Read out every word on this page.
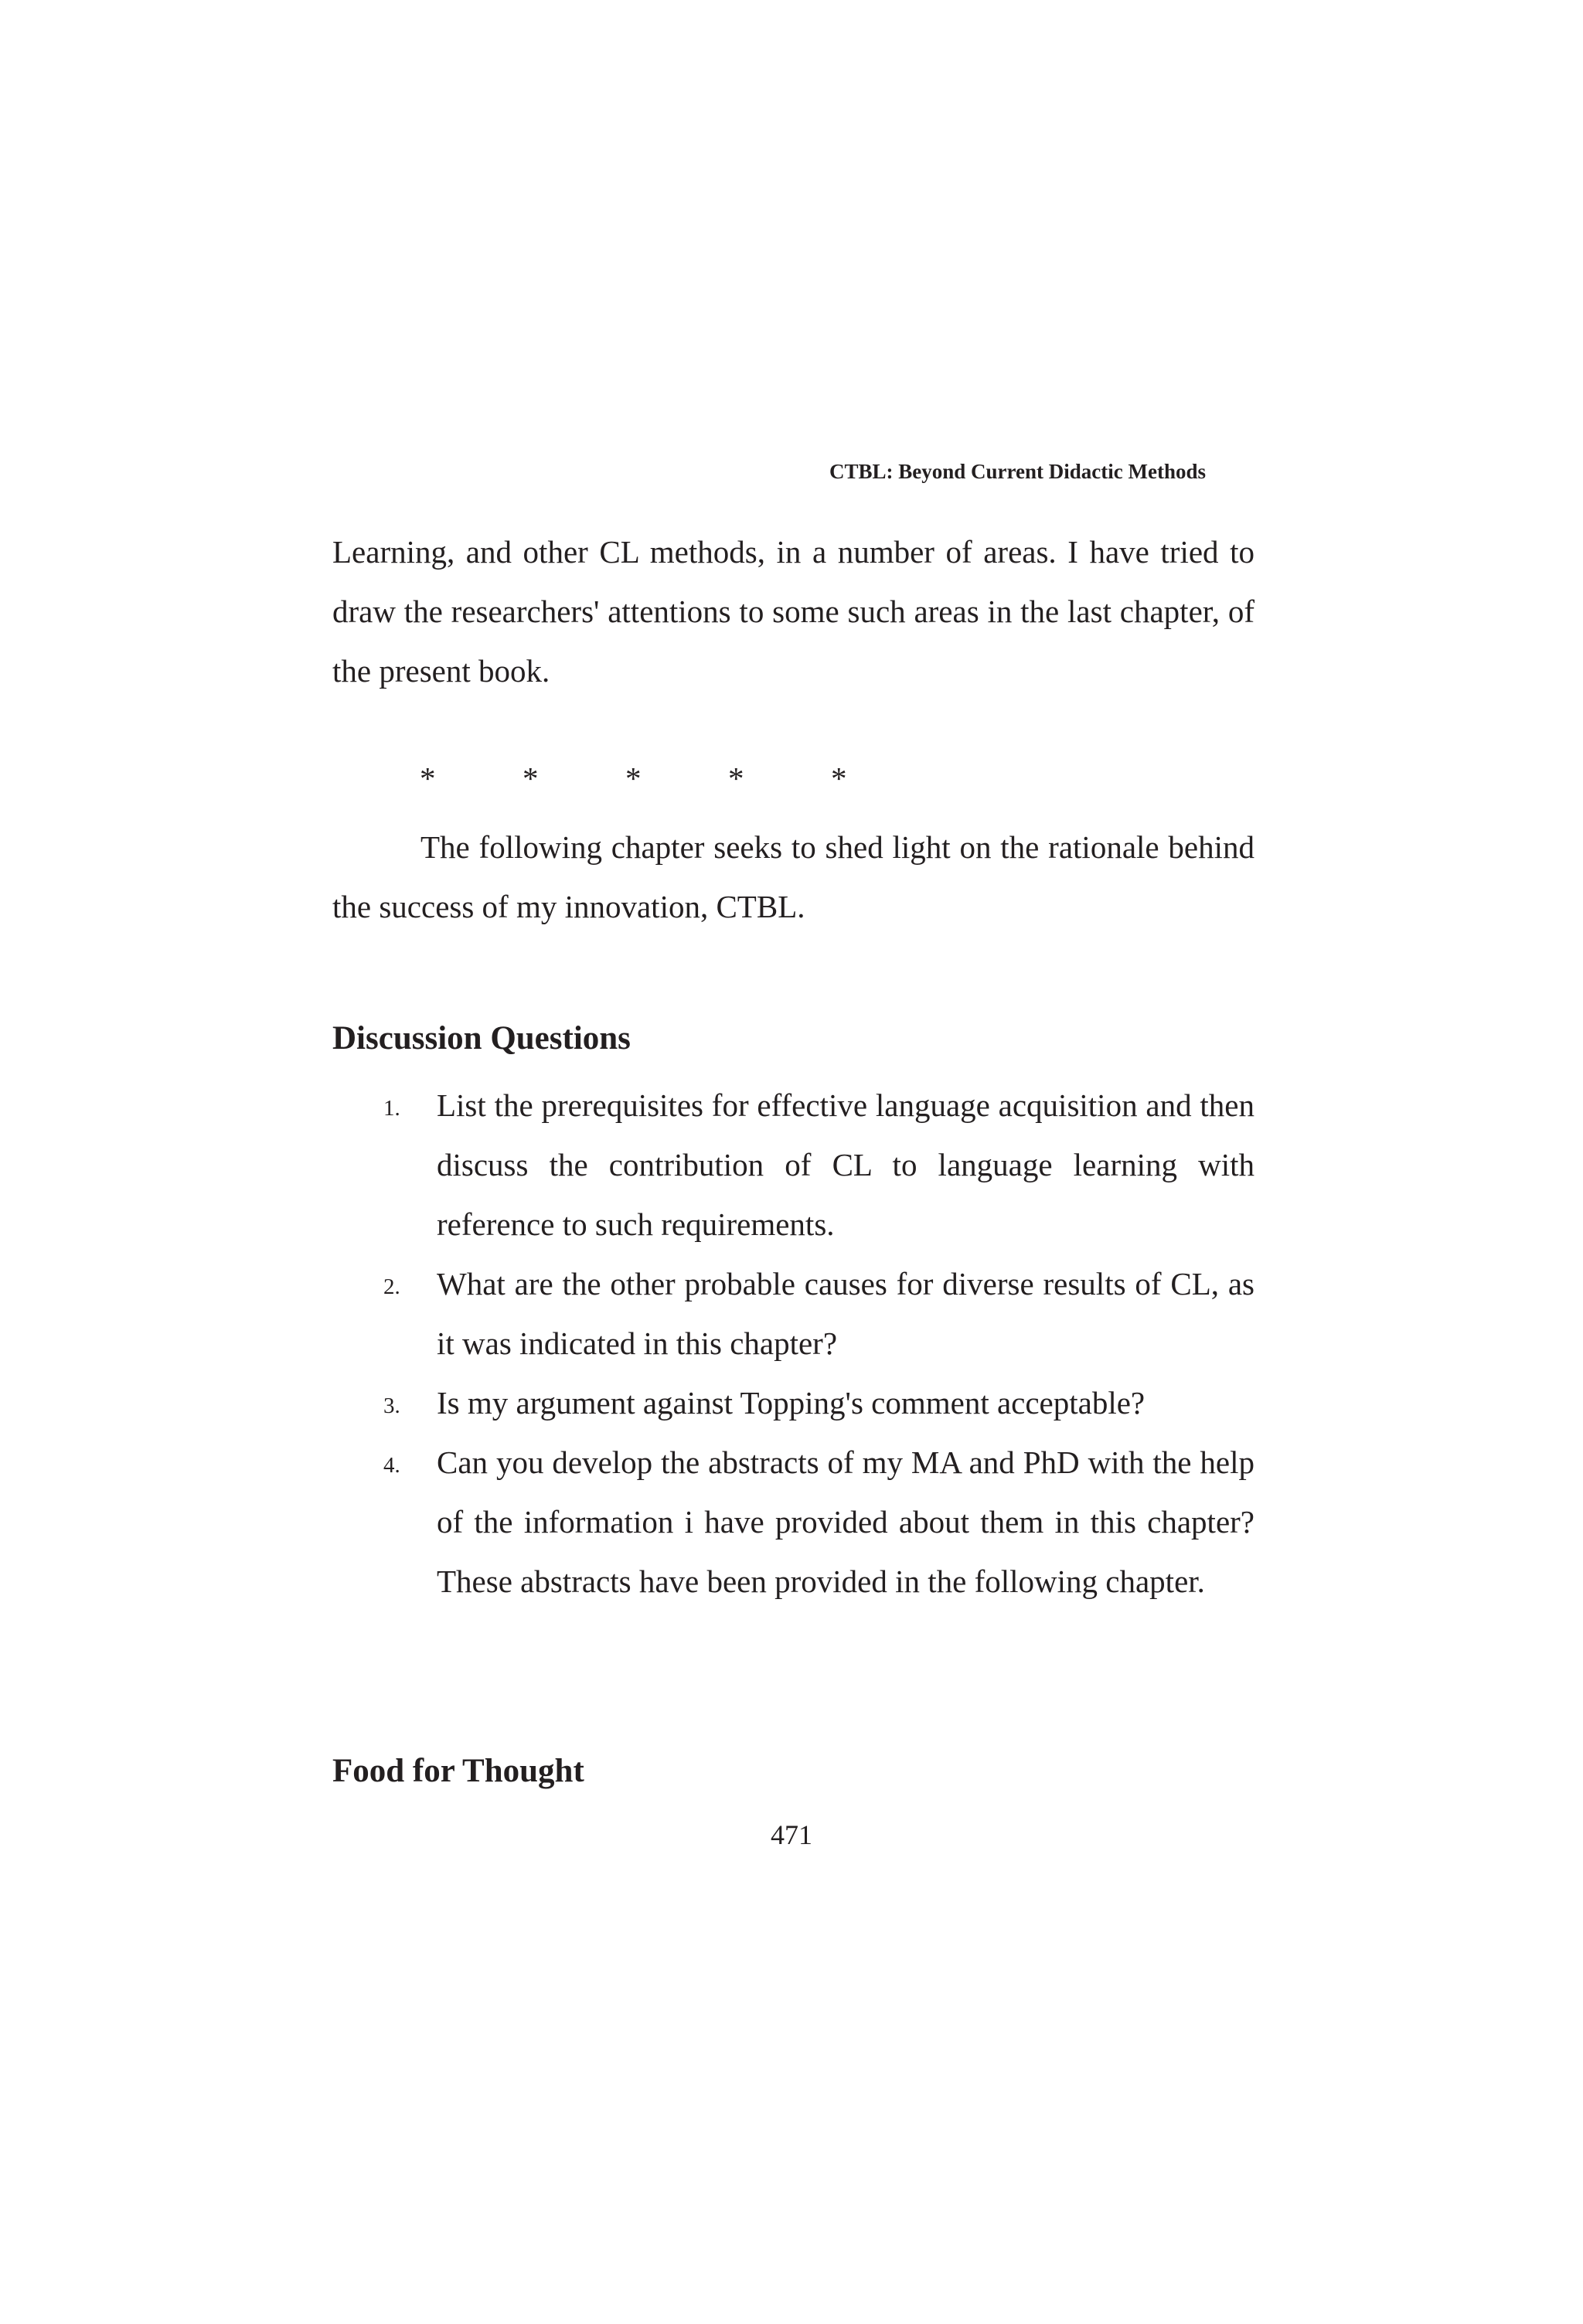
CTBL: Beyond Current Didactic Methods

Learning, and other CL methods, in a number of areas. I have tried to draw the researchers' attentions to some such areas in the last chapter, of the present book.

*	*	*	*	*

The following chapter seeks to shed light on the rationale behind the success of my innovation, CTBL.

Discussion Questions
1. List the prerequisites for effective language acquisition and then discuss the contribution of CL to language learning with reference to such requirements.
2. What are the other probable causes for diverse results of CL, as it was indicated in this chapter?
3. Is my argument against Topping's comment acceptable?
4. Can you develop the abstracts of my MA and PhD with the help of the information i have provided about them in this chapter? These abstracts have been provided in the following chapter.
Food for Thought
471
